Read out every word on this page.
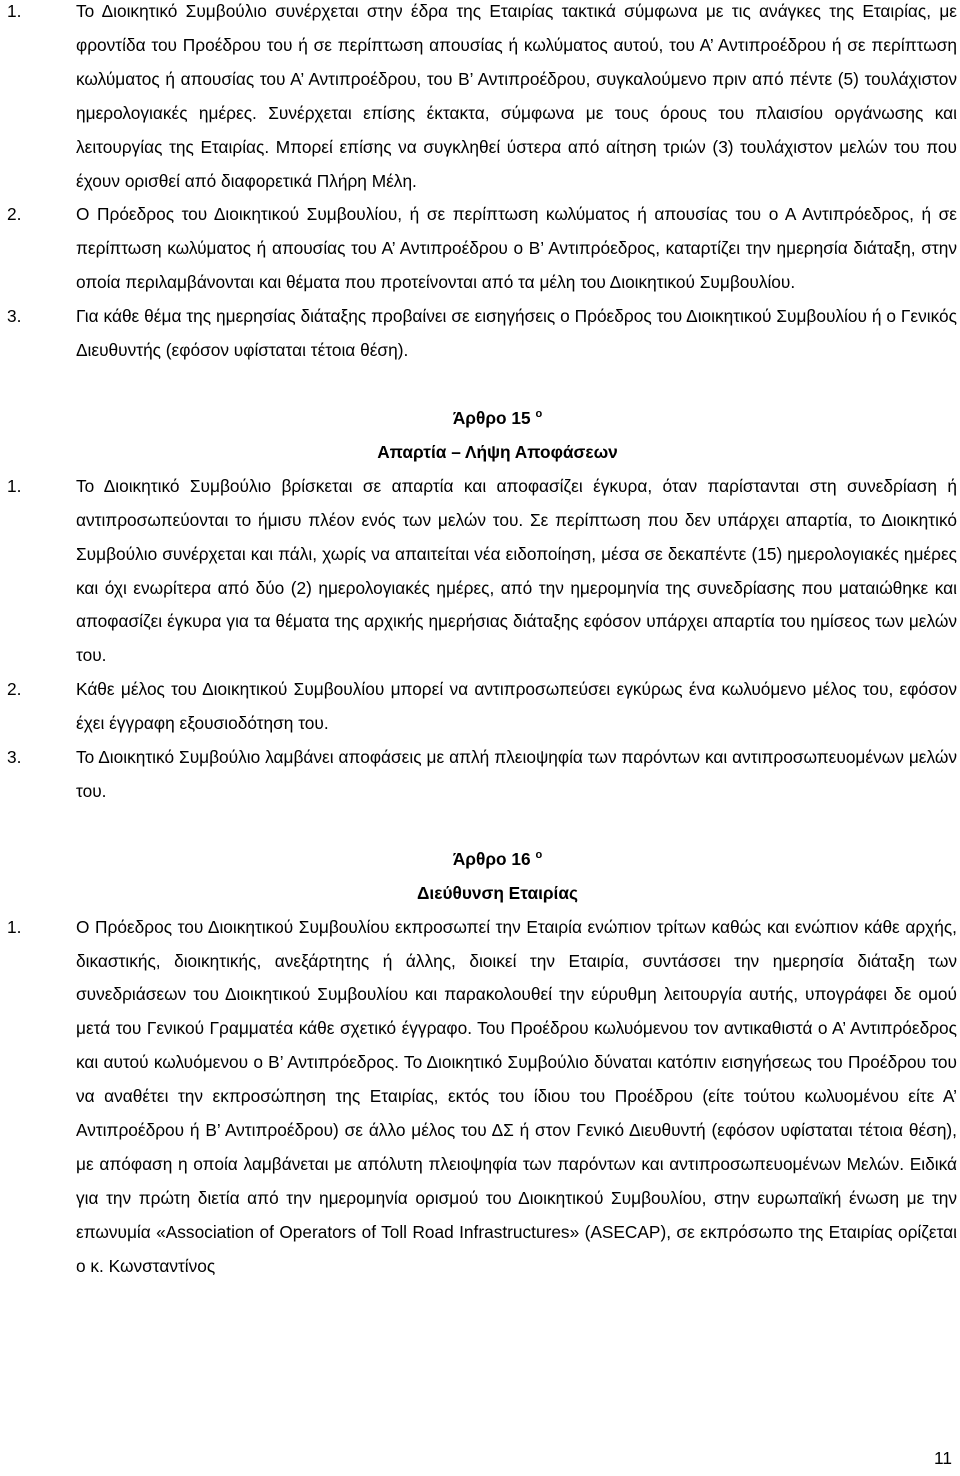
1.	Το Διοικητικό Συμβούλιο συνέρχεται στην έδρα της Εταιρίας τακτικά σύμφωνα με τις ανάγκες της Εταιρίας, με φροντίδα του Προέδρου του ή σε περίπτωση απουσίας ή κωλύματος αυτού, του Α’ Αντιπροέδρου ή σε περίπτωση κωλύματος ή απουσίας του Α’ Αντιπροέδρου, του Β’ Αντιπροέδρου, συγκαλούμενο πριν από πέντε (5) τουλάχιστον ημερολογιακές ημέρες. Συνέρχεται επίσης έκτακτα, σύμφωνα με τους όρους του πλαισίου οργάνωσης και λειτουργίας της Εταιρίας. Μπορεί επίσης να συγκληθεί ύστερα από αίτηση τριών (3) τουλάχιστον μελών του που έχουν ορισθεί από διαφορετικά Πλήρη Μέλη.
2.	Ο Πρόεδρος του Διοικητικού Συμβουλίου, ή σε περίπτωση κωλύματος ή απουσίας του ο Α Αντιπρόεδρος, ή σε περίπτωση κωλύματος ή απουσίας του Α’ Αντιπροέδρου ο Β’ Αντιπρόεδρος, καταρτίζει την ημερησία διάταξη, στην οποία περιλαμβάνονται και θέματα που προτείνονται από τα μέλη του Διοικητικού Συμβουλίου.
3.	Για κάθε θέμα της ημερησίας διάταξης προβαίνει σε εισηγήσεις ο Πρόεδρος του Διοικητικού Συμβουλίου ή ο Γενικός Διευθυντής (εφόσον υφίσταται τέτοια θέση).
Άρθρο 15 $^o$
Απαρτία – Λήψη Αποφάσεων
1.	Το Διοικητικό Συμβούλιο βρίσκεται σε απαρτία και αποφασίζει έγκυρα, όταν παρίστανται στη συνεδρίαση ή αντιπροσωπεύονται το ήμισυ πλέον ενός των μελών του. Σε περίπτωση που δεν υπάρχει απαρτία, το Διοικητικό Συμβούλιο συνέρχεται και πάλι, χωρίς να απαιτείται νέα ειδοποίηση, μέσα σε δεκαπέντε (15) ημερολογιακές ημέρες και όχι ενωρίτερα από δύο (2) ημερολογιακές ημέρες, από την ημερομηνία της συνεδρίασης που ματαιώθηκε και αποφασίζει έγκυρα για τα θέματα της αρχικής ημερήσιας διάταξης εφόσον υπάρχει απαρτία του ημίσεος των μελών του.
2.	Κάθε μέλος του Διοικητικού Συμβουλίου μπορεί να αντιπροσωπεύσει εγκύρως ένα κωλυόμενο μέλος του, εφόσον έχει έγγραφη εξουσιοδότηση του.
3.	Το Διοικητικό Συμβούλιο λαμβάνει αποφάσεις με απλή πλειοψηφία των παρόντων και αντιπροσωπευομένων μελών του.
Άρθρο 16 $^o$
Διεύθυνση Εταιρίας
1.	Ο Πρόεδρος του Διοικητικού Συμβουλίου εκπροσωπεί την Εταιρία ενώπιον τρίτων καθώς και ενώπιον κάθε αρχής, δικαστικής, διοικητικής, ανεξάρτητης ή άλλης, διοικεί την Εταιρία, συντάσσει την ημερησία διάταξη των συνεδριάσεων του Διοικητικού Συμβουλίου και παρακολουθεί την εύρυθμη λειτουργία αυτής, υπογράφει δε ομού μετά του Γενικού Γραμματέα κάθε σχετικό έγγραφο. Του Προέδρου κωλυόμενου τον αντικαθιστά ο Α’ Αντιπρόεδρος και αυτού κωλυόμενου ο Β’ Αντιπρόεδρος. Το Διοικητικό Συμβούλιο δύναται κατόπιν εισηγήσεως του Προέδρου του να αναθέτει την εκπροσώπηση της Εταιρίας, εκτός του ίδιου του Προέδρου (είτε τούτου κωλυομένου είτε Α’ Αντιπροέδρου ή Β’ Αντιπροέδρου) σε άλλο μέλος του ΔΣ ή στον Γενικό Διευθυντή (εφόσον υφίσταται τέτοια θέση), με απόφαση η οποία λαμβάνεται με απόλυτη πλειοψηφία των παρόντων και αντιπροσωπευομένων Μελών. Ειδικά για την πρώτη διετία από την ημερομηνία ορισμού του Διοικητικού Συμβουλίου, στην ευρωπαϊκή ένωση με την επωνυμία «Association of Operators of Toll Road Infrastructures» (ASECAP), σε εκπρόσωπο της Εταιρίας ορίζεται ο κ. Κωνσταντίνος
11
